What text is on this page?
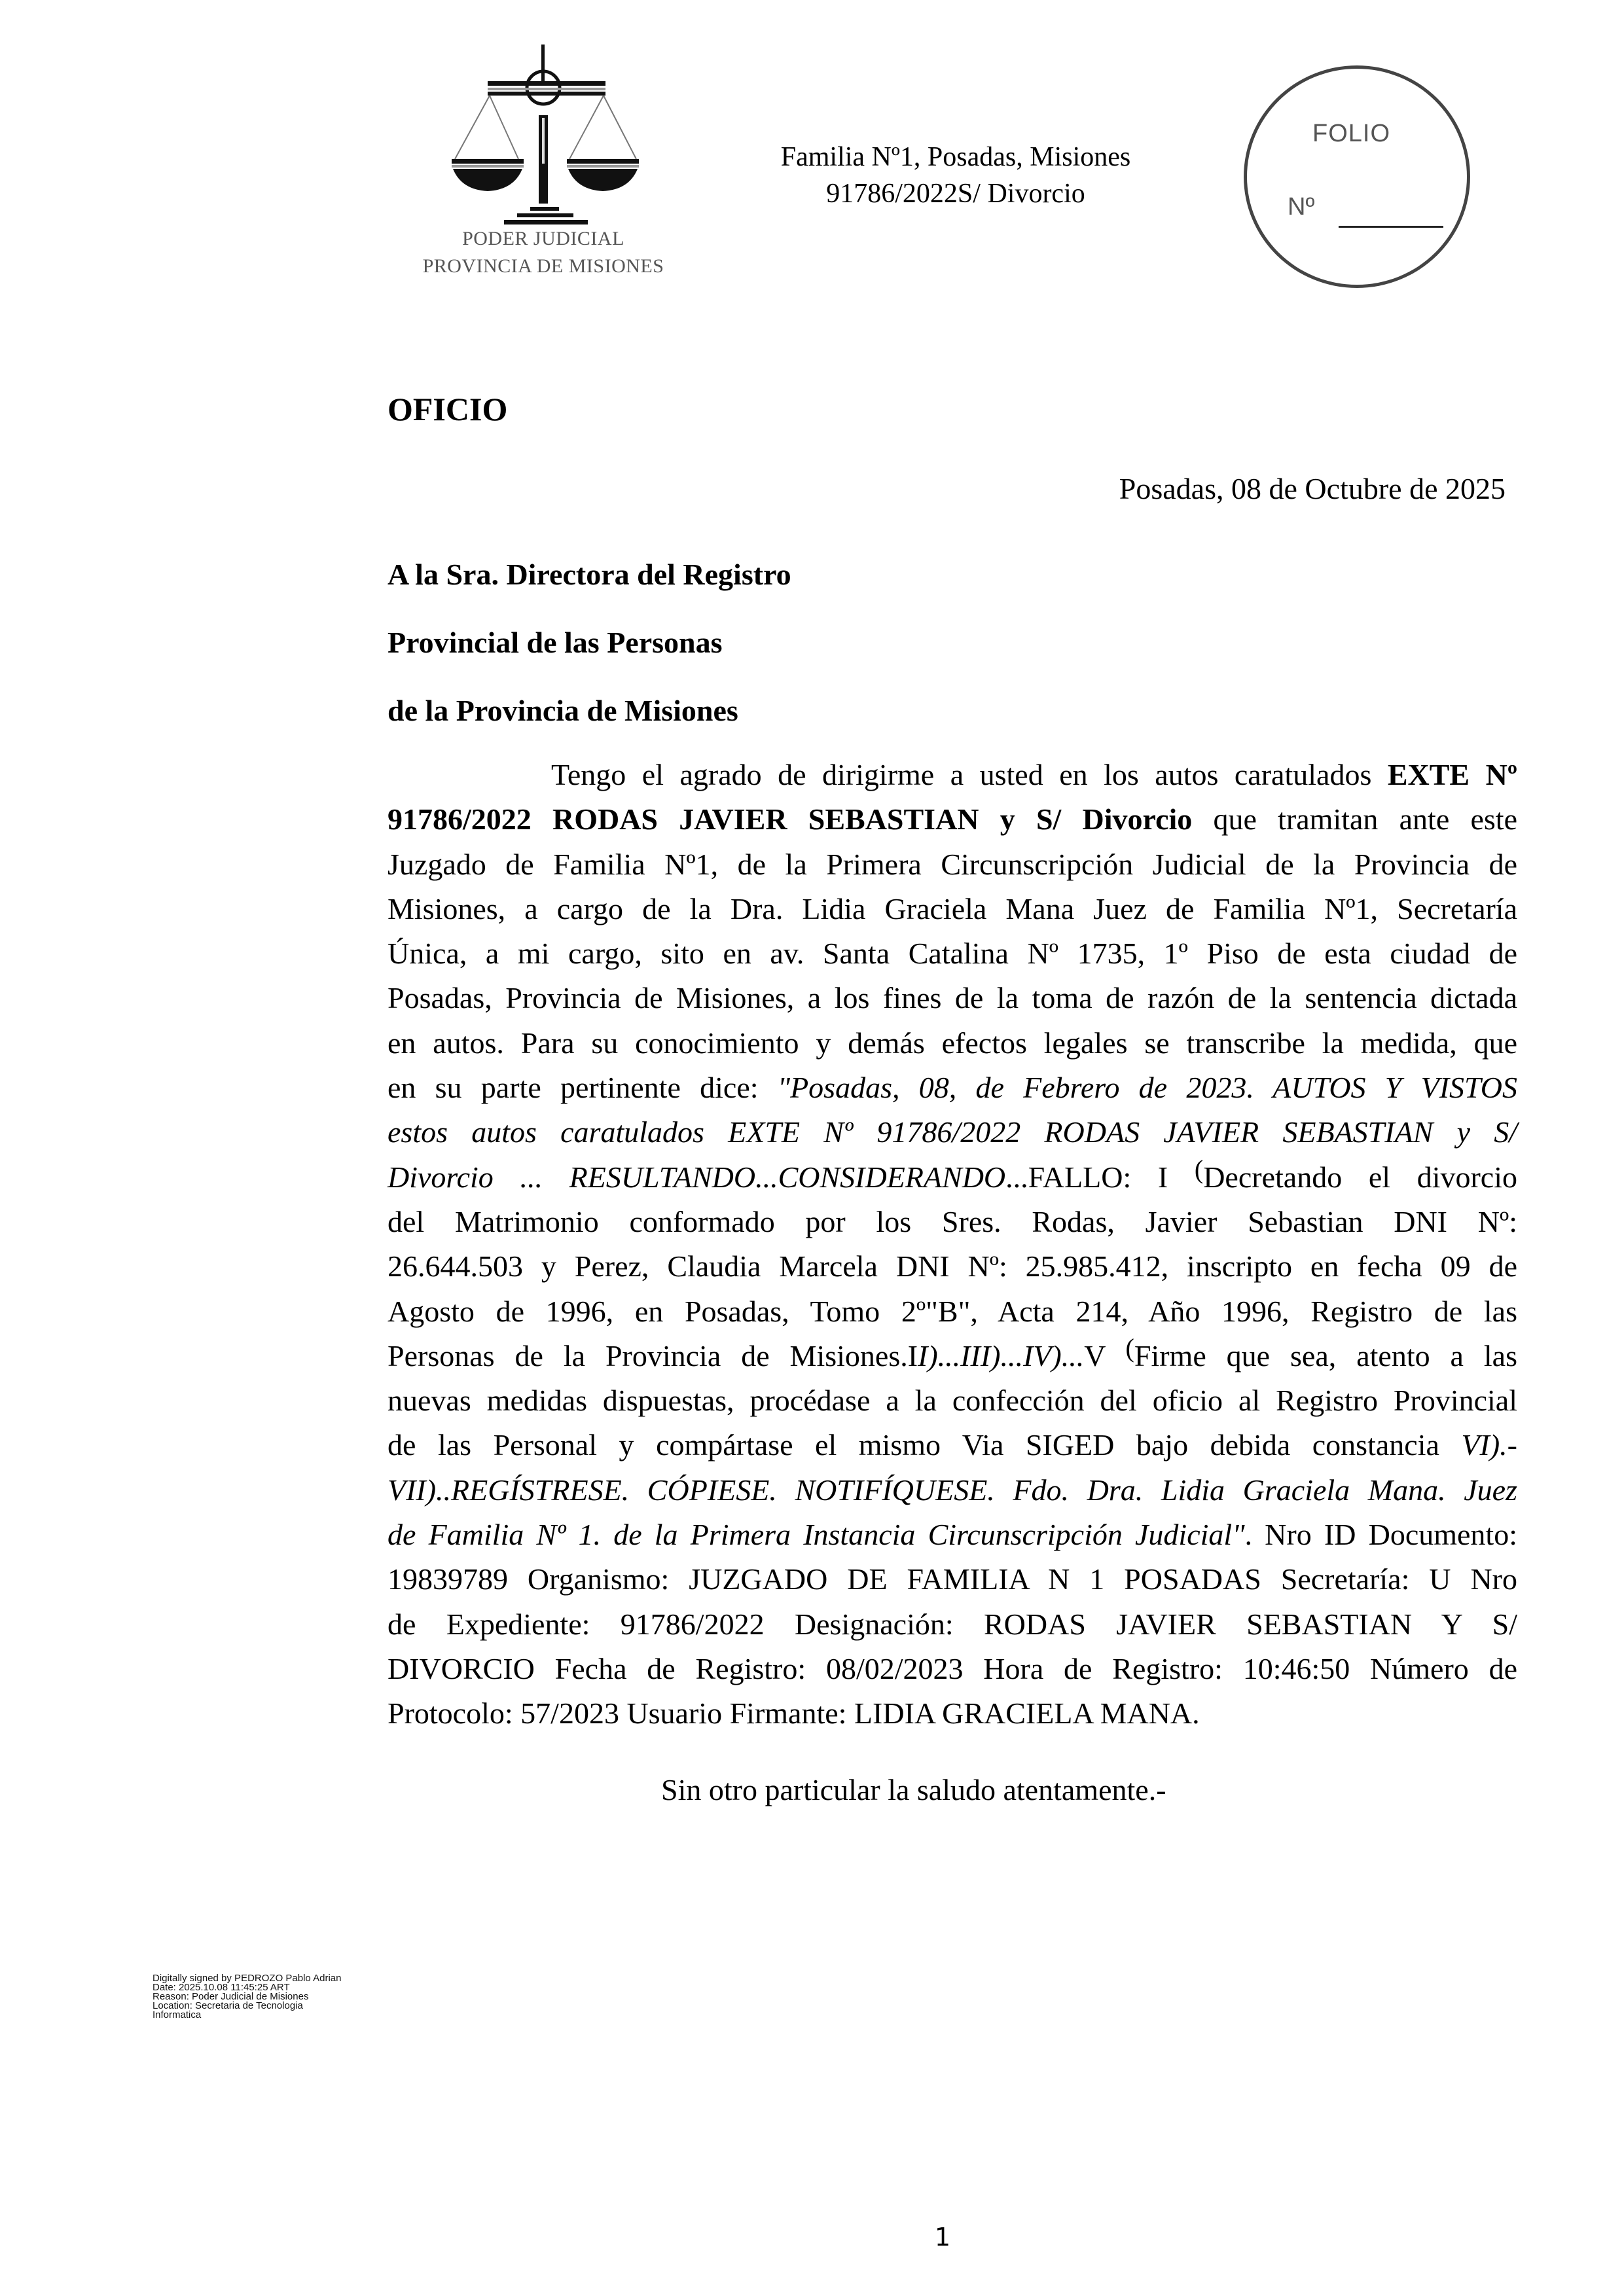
PODER JUDICIAL
PROVINCIA DE MISIONES
Familia Nº1, Posadas, Misiones
91786/2022S/ Divorcio
FOLIO
Nº
OFICIO
Posadas, 08 de Octubre de 2025
A la Sra. Directora del Registro
Provincial de las Personas
de la Provincia de Misiones
Tengo el agrado de dirigirme a usted en los autos caratulados EXTE Nº
91786/2022 RODAS JAVIER SEBASTIAN y S/ Divorcio que tramitan ante este
Juzgado de Familia Nº1, de la Primera Circunscripción Judicial de la Provincia de
Misiones, a cargo de la Dra. Lidia Graciela Mana Juez de Familia Nº1, Secretaría
Única, a mi cargo, sito en av. Santa Catalina Nº 1735, 1º Piso de esta ciudad de
Posadas, Provincia de Misiones, a los fines de la toma de razón de la sentencia dictada
en autos. Para su conocimiento y demás efectos legales se transcribe la medida, que
en su parte pertinente dice: "Posadas, 08, de Febrero de 2023. AUTOS Y VISTOS
estos autos caratulados EXTE Nº 91786/2022 RODAS JAVIER SEBASTIAN y S/
Divorcio ... RESULTANDO...CONSIDERANDO...FALLO: I (Decretando el divorcio
del Matrimonio conformado por los Sres. Rodas, Javier Sebastian DNI Nº:
26.644.503 y Perez, Claudia Marcela DNI Nº: 25.985.412, inscripto en fecha 09 de
Agosto de 1996, en Posadas, Tomo 2º"B", Acta 214, Año 1996, Registro de las
Personas de la Provincia de Misiones.II)...III)...IV)...V (Firme que sea, atento a las
nuevas medidas dispuestas, procédase a la confección del oficio al Registro Provincial
de las Personal y compártase el mismo Via SIGED bajo debida constancia VI).-
VII)..REGÍSTRESE. CÓPIESE. NOTIFÍQUESE. Fdo. Dra. Lidia Graciela Mana. Juez
de Familia Nº 1. de la Primera Instancia Circunscripción Judicial". Nro ID Documento:
19839789 Organismo: JUZGADO DE FAMILIA N 1 POSADAS Secretaría: U Nro
de Expediente: 91786/2022 Designación: RODAS JAVIER SEBASTIAN Y S/
DIVORCIO Fecha de Registro: 08/02/2023 Hora de Registro: 10:46:50 Número de
Protocolo: 57/2023 Usuario Firmante: LIDIA GRACIELA MANA.
Sin otro particular la saludo atentamente.-
Digitally signed by PEDROZO Pablo Adrian
Date: 2025.10.08 11:45:25 ART
Reason: Poder Judicial de Misiones
Location: Secretaria de Tecnologia
Informatica
1
